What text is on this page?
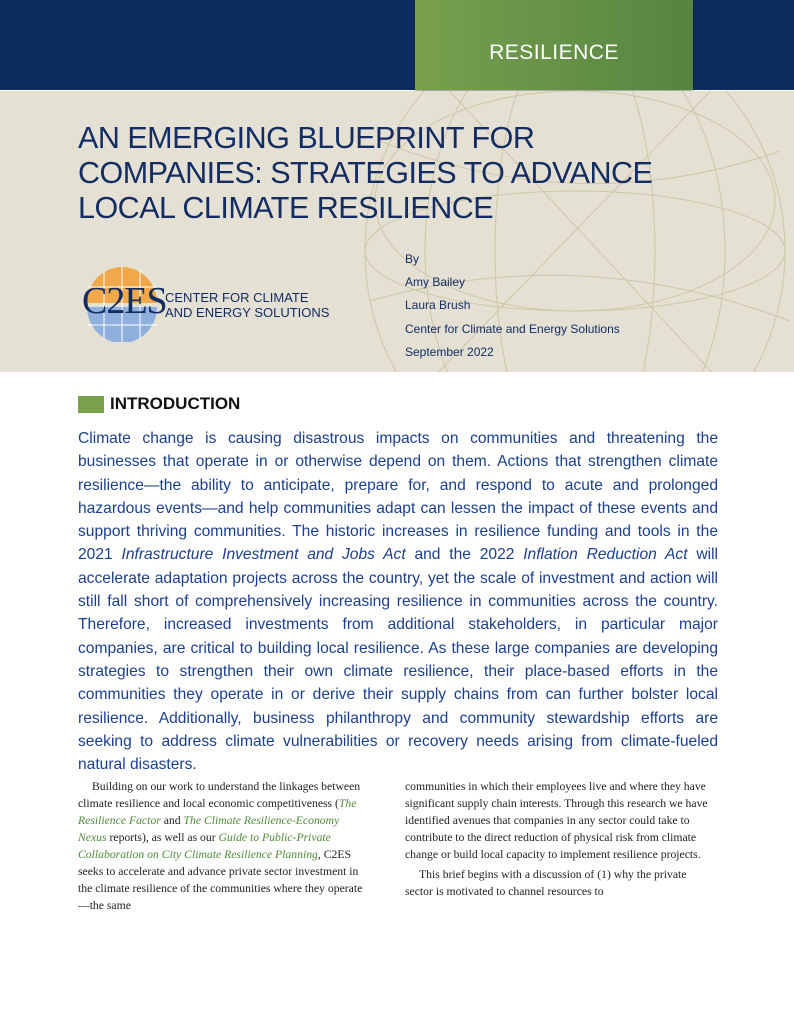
RESILIENCE
AN EMERGING BLUEPRINT FOR
COMPANIES: STRATEGIES TO ADVANCE
LOCAL CLIMATE RESILIENCE
C2ES
CENTER FOR CLIMATE
AND ENERGY SOLUTIONS
By
Amy Bailey
Laura Brush
Center for Climate and Energy Solutions
September 2022
INTRODUCTION

Climate change is causing disastrous impacts on communities and threatening the businesses that operate in or otherwise depend on them. Actions that strengthen climate resilience—the ability to anticipate, prepare for, and respond to acute and prolonged hazardous events—and help communities adapt can lessen the impact of these events and support thriving communities. The historic increases in resilience funding and tools in the 2021 Infrastructure Investment and Jobs Act and the 2022 Inflation Reduction Act will accelerate adaptation projects across the country, yet the scale of investment and action will still fall short of comprehensively increasing resilience in communities across the country. Therefore, increased investments from additional stakeholders, in particular major companies, are critical to building local resilience. As these large companies are developing strategies to strengthen their own climate resilience, their place-based efforts in the communities they operate in or derive their supply chains from can further bolster local resilience. Additionally, business philanthropy and community stewardship efforts are seeking to address climate vulnerabilities or recovery needs arising from climate-fueled natural disasters.

Building on our work to understand the linkages between climate resilience and local economic competitiveness (The Resilience Factor and The Climate Resilience-Economy Nexus reports), as well as our Guide to Public-Private Collaboration on City Climate Resilience Planning, C2ES seeks to accelerate and advance private sector investment in the climate resilience of the communities where they operate—the same

communities in which their employees live and where they have significant supply chain interests. Through this research we have identified avenues that companies in any sector could take to contribute to the direct reduction of physical risk from climate change or build local capacity to implement resilience projects.

This brief begins with a discussion of (1) why the private sector is motivated to channel resources to
